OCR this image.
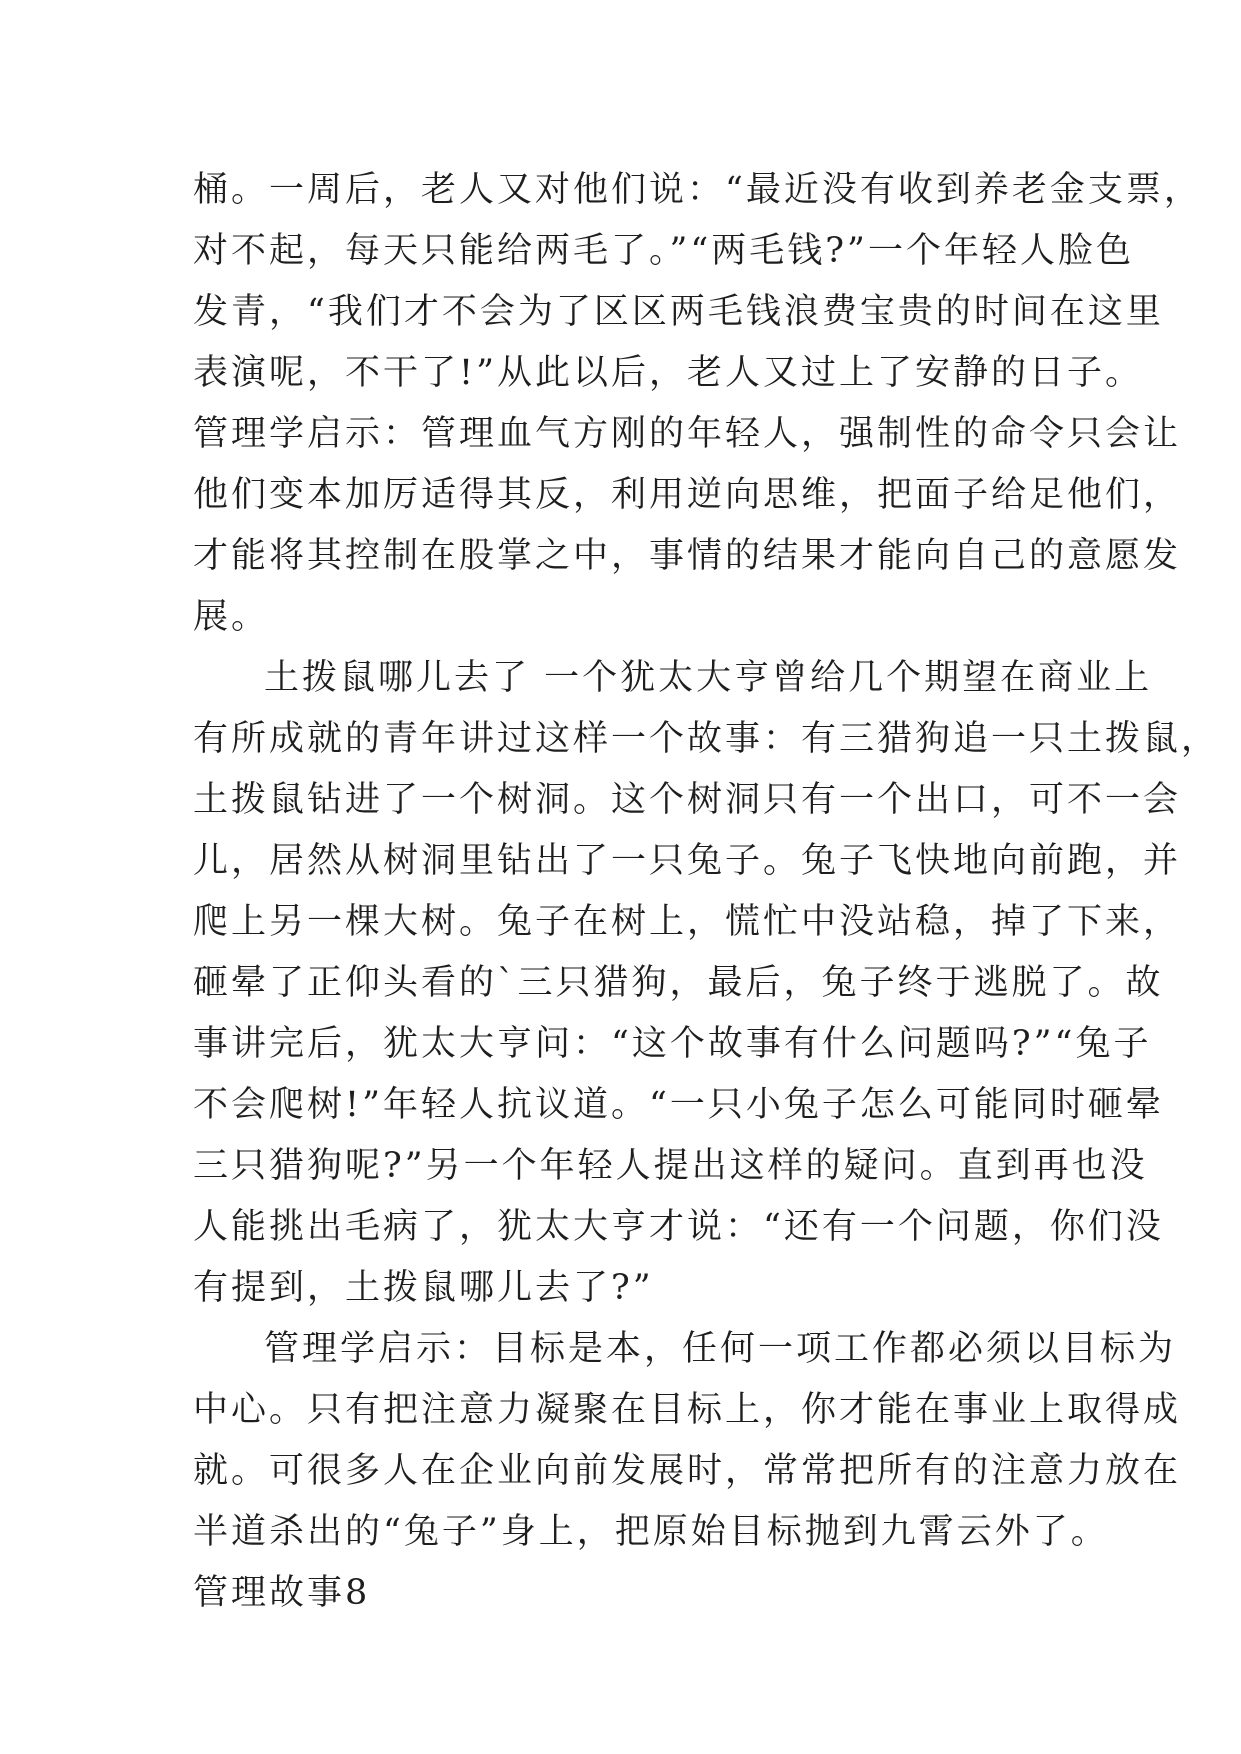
桶。一周后，老人又对他们说：“最近没有收到养老金支票，
对不起，每天只能给两毛了。”“两毛钱?”一个年轻人脸色
发青，“我们才不会为了区区两毛钱浪费宝贵的时间在这里
表演呢，不干了!”从此以后，老人又过上了安静的日子。
管理学启示：管理血气方刚的年轻人，强制性的命令只会让
他们变本加厉适得其反，利用逆向思维，把面子给足他们，
才能将其控制在股掌之中，事情的结果才能向自己的意愿发
展。
土拨鼠哪儿去了 一个犹太大亨曾给几个期望在商业上
有所成就的青年讲过这样一个故事：有三猎狗追一只土拨鼠，
土拨鼠钻进了一个树洞。这个树洞只有一个出口，可不一会
儿，居然从树洞里钻出了一只兔子。兔子飞快地向前跑，并
爬上另一棵大树。兔子在树上，慌忙中没站稳，掉了下来，
砸晕了正仰头看的`三只猎狗，最后，兔子终于逃脱了。故
事讲完后，犹太大亨问：“这个故事有什么问题吗?”“兔子
不会爬树!”年轻人抗议道。“一只小兔子怎么可能同时砸晕
三只猎狗呢?”另一个年轻人提出这样的疑问。直到再也没
人能挑出毛病了，犹太大亨才说：“还有一个问题，你们没
有提到，土拨鼠哪儿去了?”
管理学启示：目标是本，任何一项工作都必须以目标为
中心。只有把注意力凝聚在目标上，你才能在事业上取得成
就。可很多人在企业向前发展时，常常把所有的注意力放在
半道杀出的“兔子”身上，把原始目标抛到九霄云外了。
管理故事8
